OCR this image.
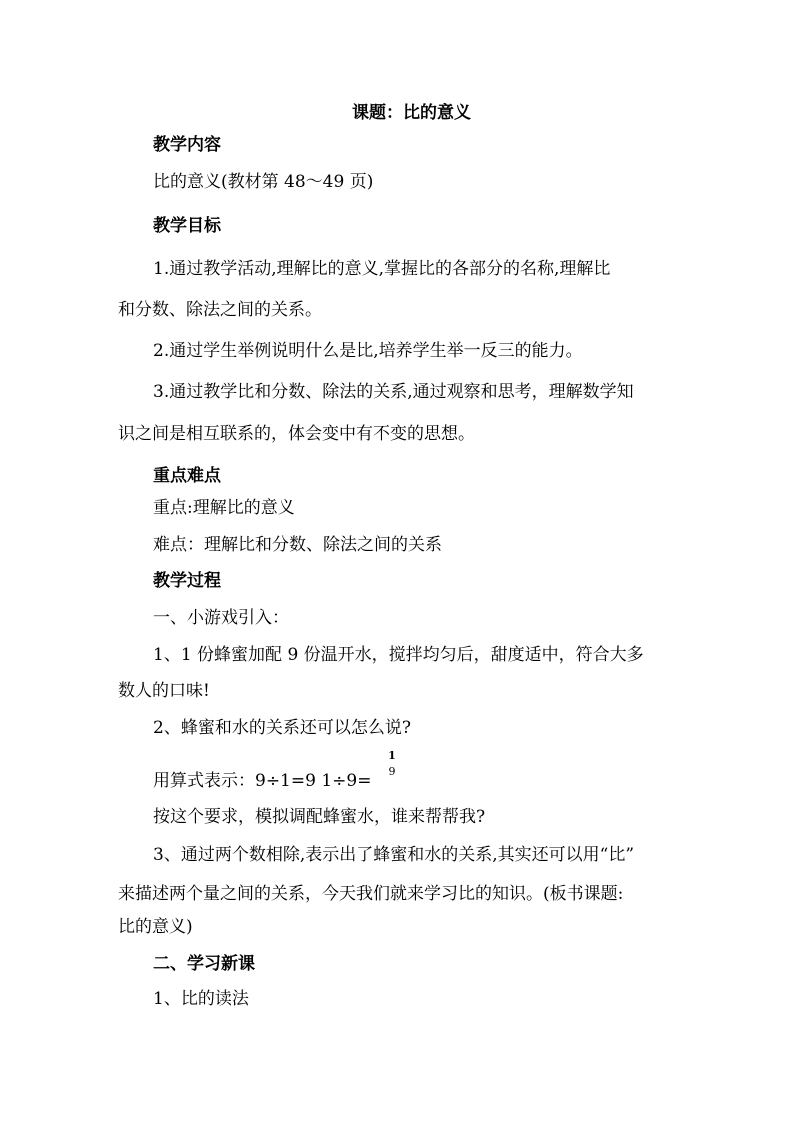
课题：比的意义
教学内容
比的意义(教材第 48～49 页)
教学目标
1.通过教学活动,理解比的意义,掌握比的各部分的名称,理解比
和分数、除法之间的关系。
2.通过学生举例说明什么是比,培养学生举一反三的能力。
3.通过教学比和分数、除法的关系,通过观察和思考，理解数学知
识之间是相互联系的，体会变中有不变的思想。
重点难点
重点:理解比的意义
难点：理解比和分数、除法之间的关系
教学过程
一、小游戏引入：
1、1 份蜂蜜加配 9 份温开水，搅拌均匀后，甜度适中，符合大多
数人的口味!
2、蜂蜜和水的关系还可以怎么说?
用算式表示：9÷1=9 1÷9=
1
9
按这个要求，模拟调配蜂蜜水，谁来帮帮我?
3、通过两个数相除,表示出了蜂蜜和水的关系,其实还可以用“比”
来描述两个量之间的关系，今天我们就来学习比的知识。(板书课题:
比的意义)
二、学习新课
1、比的读法
